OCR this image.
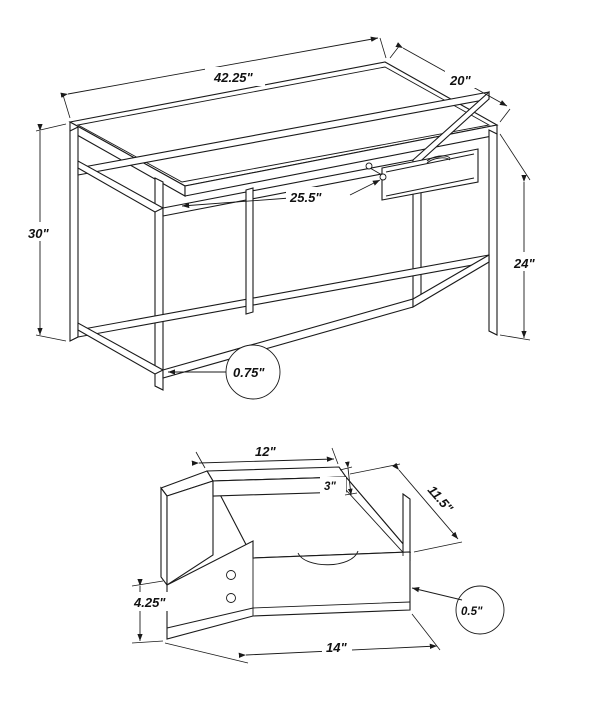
42.25"	20"
30"
24"
25.5"
0.75"
12"
3"	11.5"
4.25"
14"
0.5"
